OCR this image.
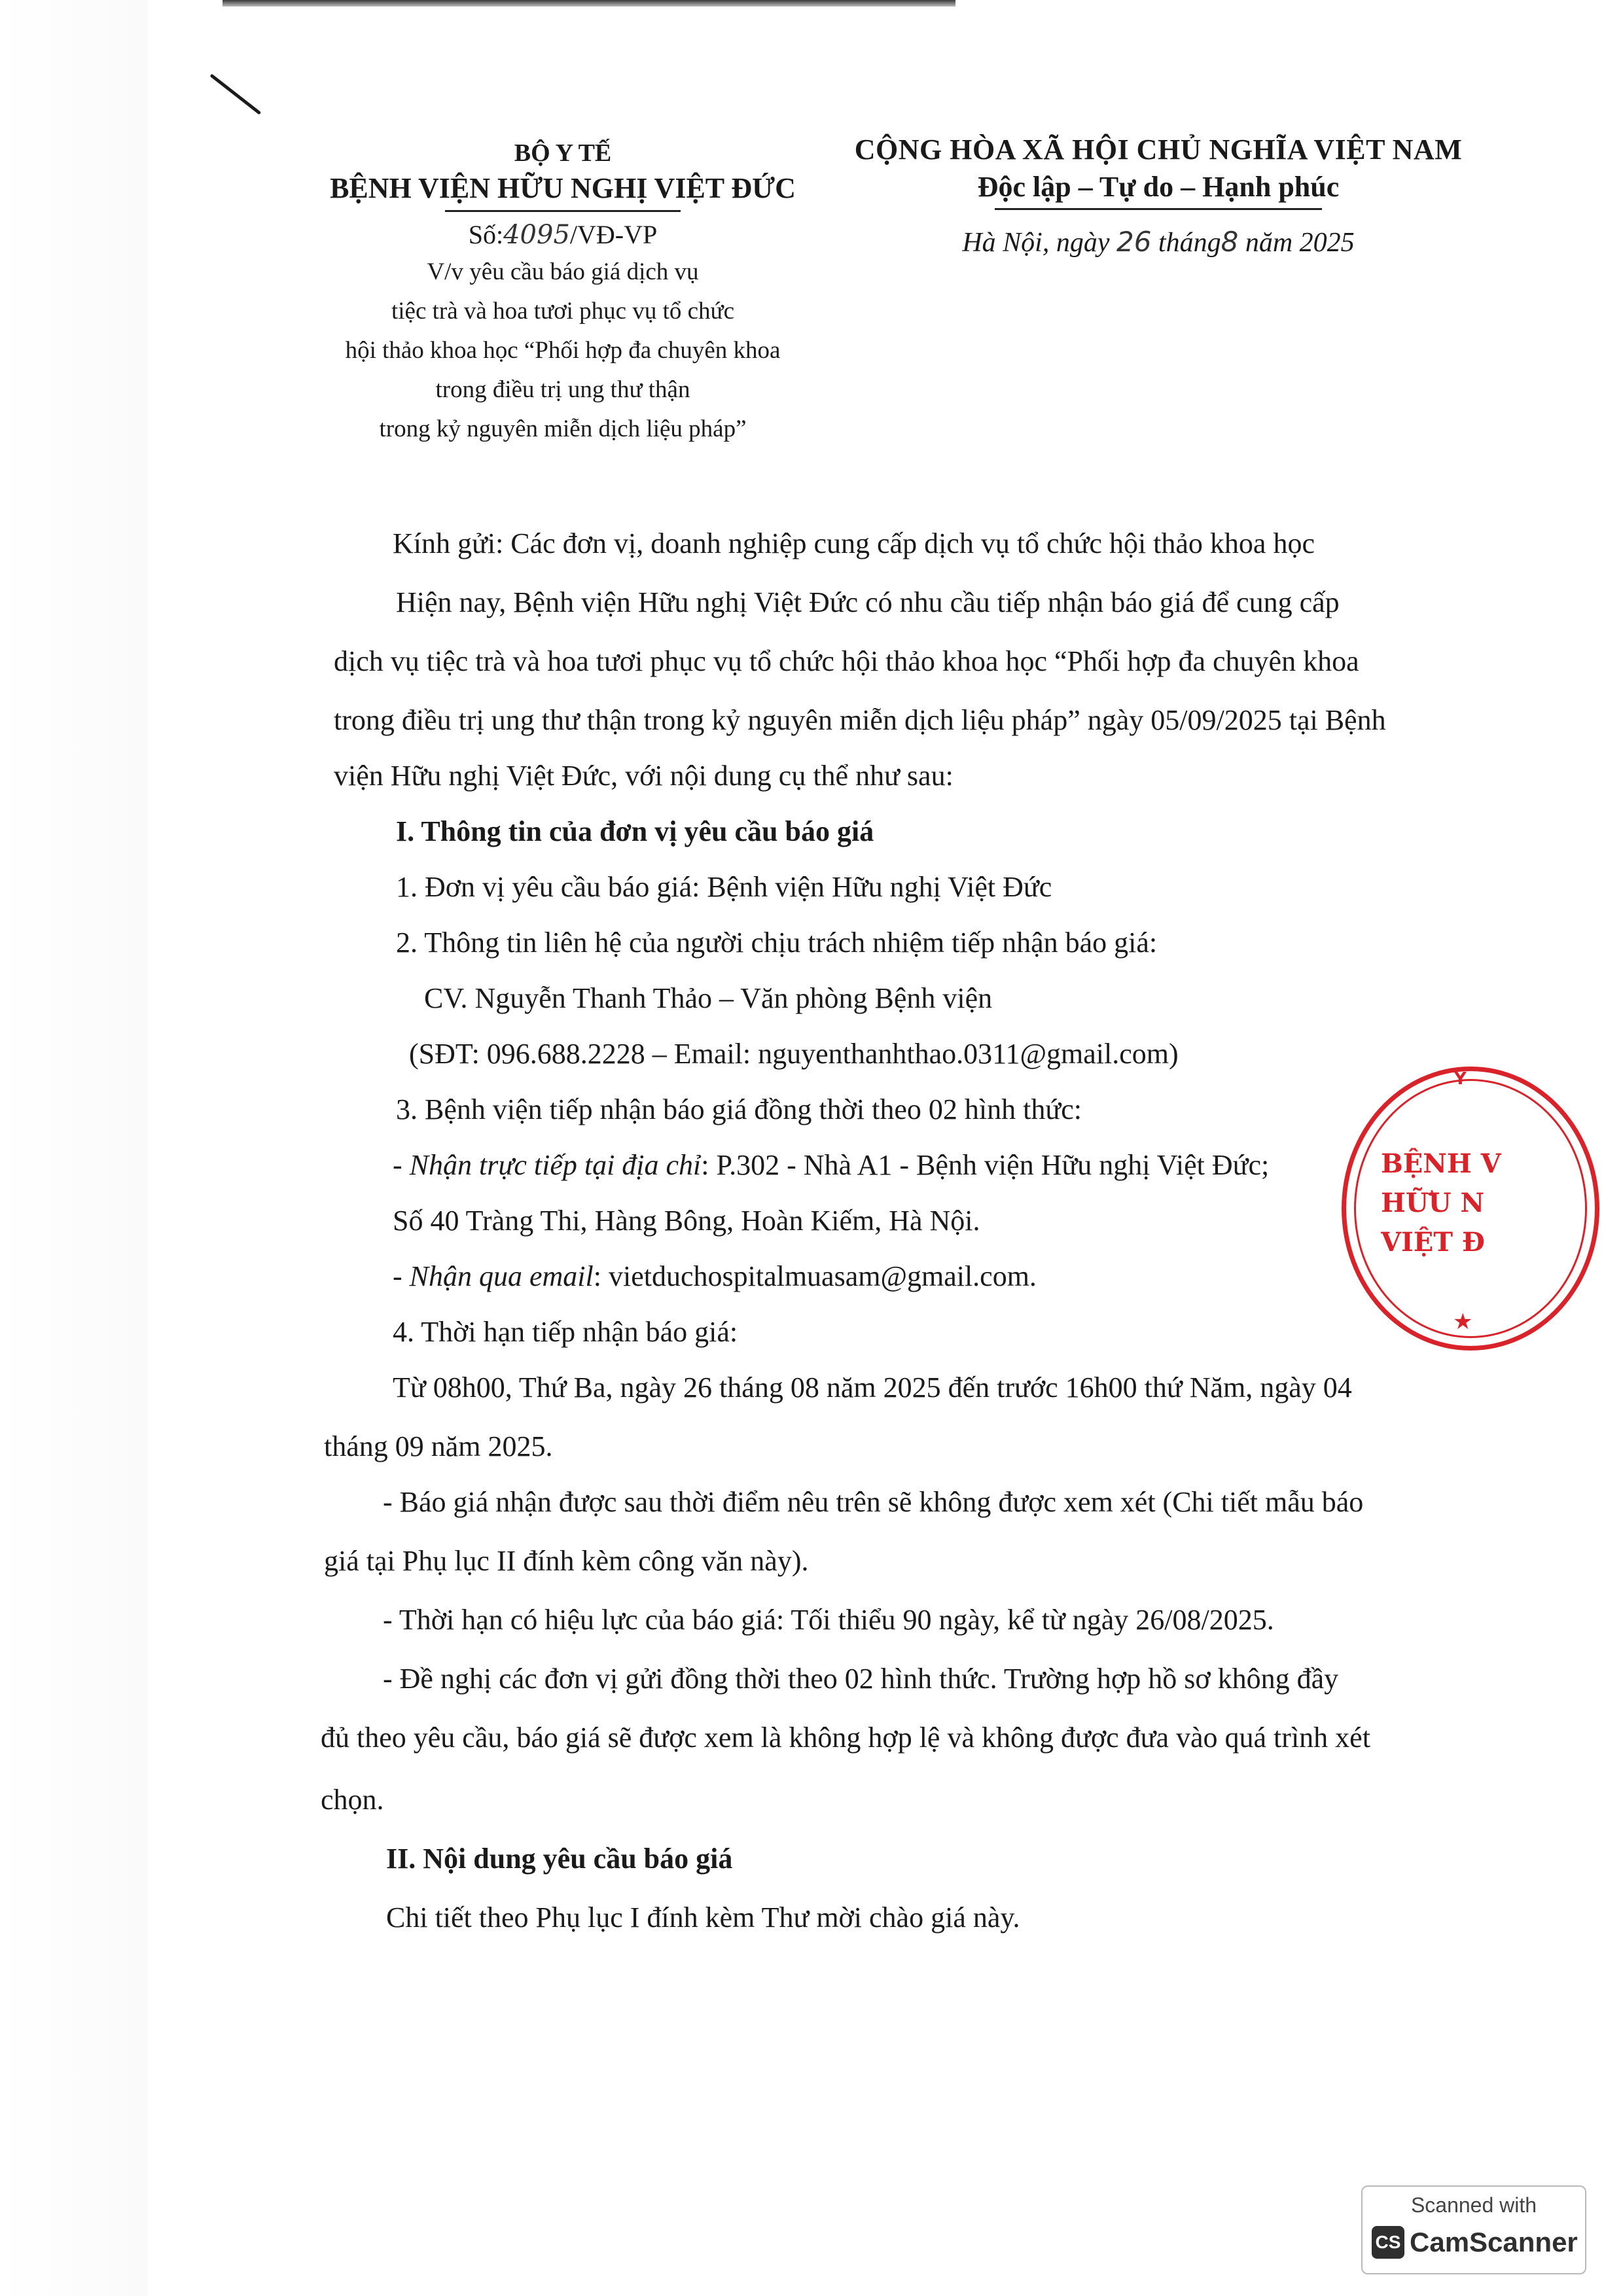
BỘ Y TẾ
BỆNH VIỆN HỮU NGHỊ VIỆT ĐỨC
Số:4095/VĐ-VP
V/v yêu cầu báo giá dịch vụ
tiệc trà và hoa tươi phục vụ tổ chức
hội thảo khoa học “Phối hợp đa chuyên khoa
trong điều trị ung thư thận
trong kỷ nguyên miễn dịch liệu pháp”
CỘNG HÒA XÃ HỘI CHỦ NGHĨA VIỆT NAM
Độc lập – Tự do – Hạnh phúc
Hà Nội, ngày 26 tháng8 năm 2025
Kính gửi: Các đơn vị, doanh nghiệp cung cấp dịch vụ tổ chức hội thảo khoa học
Hiện nay, Bệnh viện Hữu nghị Việt Đức có nhu cầu tiếp nhận báo giá để cung cấp
dịch vụ tiệc trà và hoa tươi phục vụ tổ chức hội thảo khoa học “Phối hợp đa chuyên khoa
trong điều trị ung thư thận trong kỷ nguyên miễn dịch liệu pháp” ngày 05/09/2025 tại Bệnh
viện Hữu nghị Việt Đức, với nội dung cụ thể như sau:
I. Thông tin của đơn vị yêu cầu báo giá
1. Đơn vị yêu cầu báo giá: Bệnh viện Hữu nghị Việt Đức
2. Thông tin liên hệ của người chịu trách nhiệm tiếp nhận báo giá:
CV. Nguyễn Thanh Thảo – Văn phòng Bệnh viện
(SĐT: 096.688.2228 – Email: nguyenthanhthao.0311@gmail.com)
3. Bệnh viện tiếp nhận báo giá đồng thời theo 02 hình thức:
- Nhận trực tiếp tại địa chỉ: P.302 - Nhà A1 - Bệnh viện Hữu nghị Việt Đức;
Số 40 Tràng Thi, Hàng Bông, Hoàn Kiếm, Hà Nội.
- Nhận qua email: vietduchospitalmuasam@gmail.com.
4. Thời hạn tiếp nhận báo giá:
Từ 08h00, Thứ Ba, ngày 26 tháng 08 năm 2025 đến trước 16h00 thứ Năm, ngày 04
tháng 09 năm 2025.
- Báo giá nhận được sau thời điểm nêu trên sẽ không được xem xét (Chi tiết mẫu báo
giá tại Phụ lục II đính kèm công văn này).
- Thời hạn có hiệu lực của báo giá: Tối thiểu 90 ngày, kể từ ngày 26/08/2025.
- Đề nghị các đơn vị gửi đồng thời theo 02 hình thức. Trường hợp hồ sơ không đầy
đủ theo yêu cầu, báo giá sẽ được xem là không hợp lệ và không được đưa vào quá trình xét
chọn.
II. Nội dung yêu cầu báo giá
Chi tiết theo Phụ lục I đính kèm Thư mời chào giá này.
Y
BỆNH V
HỮU N
VIỆT Đ
★
Scanned with
CS CamScanner
